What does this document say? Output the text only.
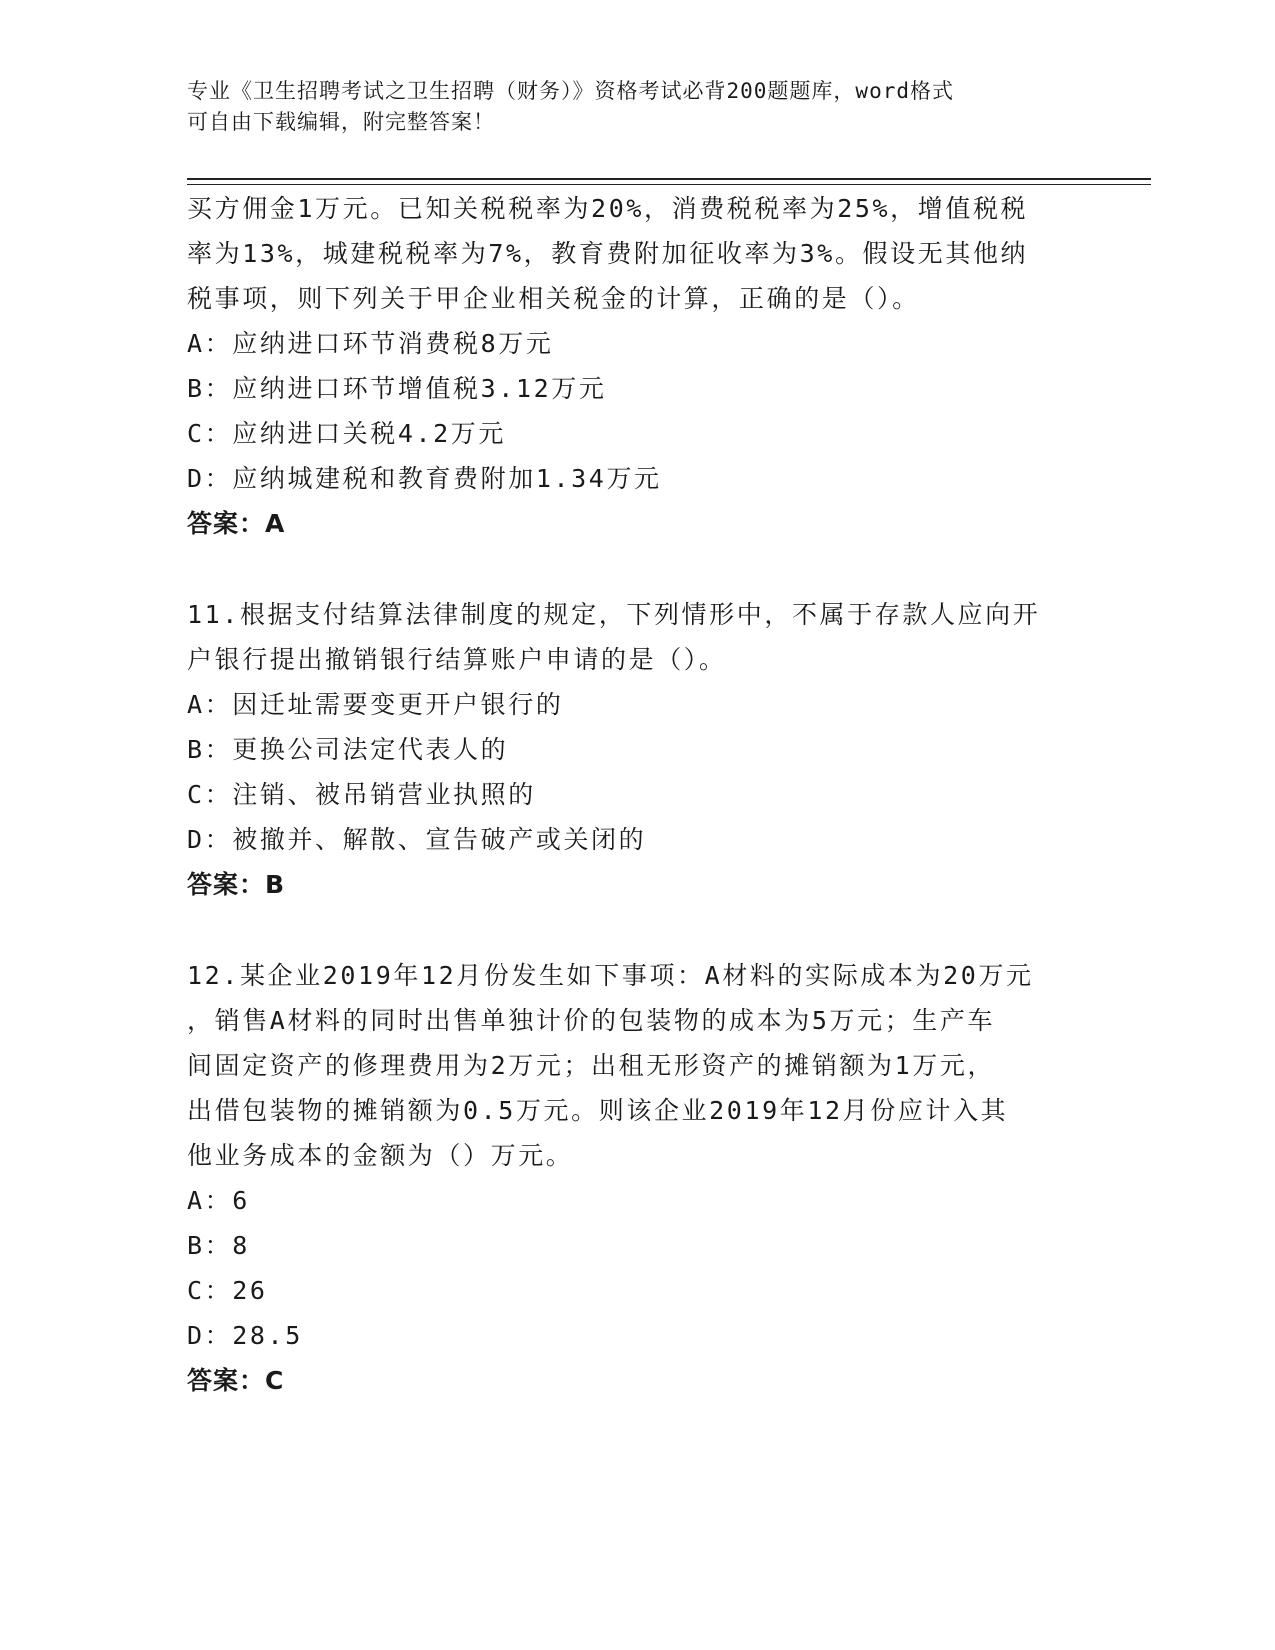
专业《卫生招聘考试之卫生招聘（财务）》资格考试必背200题题库，word格式
可自由下载编辑，附完整答案！
买方佣金1万元。已知关税税率为20%，消费税税率为25%，增值税税
率为13%，城建税税率为7%，教育费附加征收率为3%。假设无其他纳
税事项，则下列关于甲企业相关税金的计算，正确的是（）。
A：应纳进口环节消费税8万元
B：应纳进口环节增值税3.12万元
C：应纳进口关税4.2万元
D：应纳城建税和教育费附加1.34万元
答案：A
11.根据支付结算法律制度的规定，下列情形中，不属于存款人应向开
户银行提出撤销银行结算账户申请的是（）。
A：因迁址需要变更开户银行的
B：更换公司法定代表人的
C：注销、被吊销营业执照的
D：被撤并、解散、宣告破产或关闭的
答案：B
12.某企业2019年12月份发生如下事项：A材料的实际成本为20万元
，销售A材料的同时出售单独计价的包装物的成本为5万元；生产车
间固定资产的修理费用为2万元；出租无形资产的摊销额为1万元，
出借包装物的摊销额为0.5万元。则该企业2019年12月份应计入其
他业务成本的金额为（）万元。
A：6
B：8
C：26
D：28.5
答案：C
